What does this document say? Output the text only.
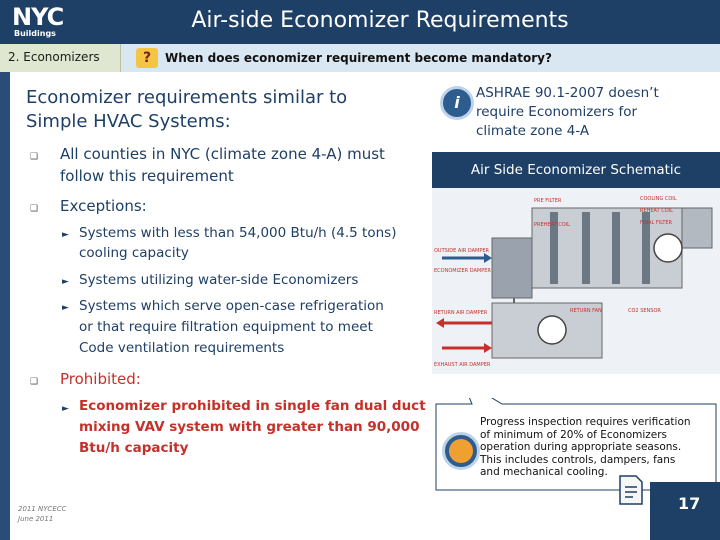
NYC
Buildings
Air-side Economizer Requirements
2. Economizers	?	When does economizer requirement become mandatory?
Economizer requirements similar to
Simple HVAC Systems:
❑ All counties in NYC (climate zone 4-A) must
follow this requirement
❑ Exceptions:
► Systems with less than 54,000 Btu/h (4.5 tons)
cooling capacity
► Systems utilizing water-side Economizers
► Systems which serve open-case refrigeration
or that require filtration equipment to meet
Code ventilation requirements
❑ Prohibited:
► Economizer prohibited in single fan dual duct
mixing VAV system with greater than 90,000
Btu/h capacity
2011 NYCECC
June 2011
i	ASHRAE 90.1-2007 doesn’t
require Economizers for
climate zone 4-A
Air Side Economizer Schematic
PRE FILTER
PREHEAT COIL
COOLING COIL
REHEAT COIL
FINAL FILTER
OUTSIDE AIR DAMPER
ECONOMIZER DAMPER
RETURN AIR DAMPER
EXHAUST AIR DAMPER
RETURN FAN	CO2 SENSOR
Progress inspection requires verification
of minimum of 20% of Economizers
operation during appropriate seasons.
This includes controls, dampers, fans
and mechanical cooling.
17
